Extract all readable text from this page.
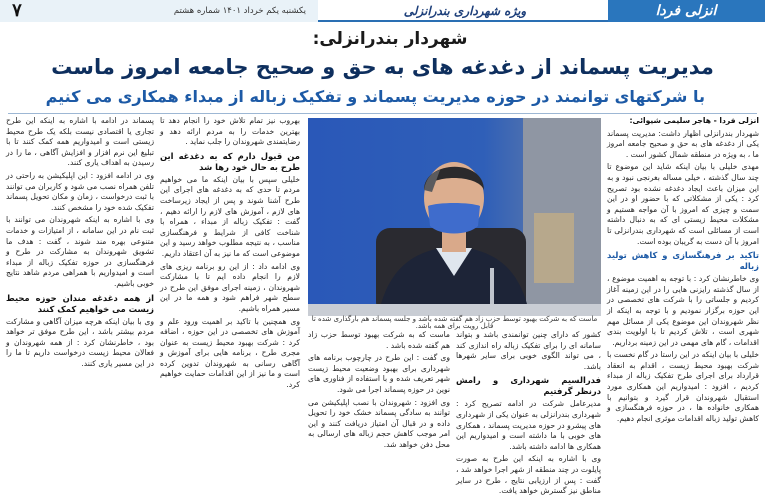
۷	یکشنبه یکم خرداد ۱۴۰۱ شماره هشتم	ویژه شهرداری بندرانزلی	انزلی فردا
شهردار بندرانزلی:
مدیریت پسماند از دغدغه های به حق و صحیح جامعه امروز ماست
با شرکتهای توانمند در حوزه مدیریت پسماند و تفکیک زباله از مبداء همکاری می کنیم

انزلی فردا - هاجر سلیمی شیوائی:

شهردار بندرانزلی اظهار داشت: مدیریت پسماند یکی از دغدغه های به حق و صحیح جامعه امروز ما ، به ویژه در منطقه شمال کشور است .

مهدی خلیلی با بیان اینکه شاید این موضوع تا چند سال گذشته ، خیلی مساله بغرنجی نبود و به این میزان باعث ایجاد دغدغه نشده بود تصریح کرد : یکی از مشکلاتی که با حضور او در این سمت و چیزی که امروز با آن مواجه هستیم و مشکلات محیط زیستی ای که به دنبال داشته است از مسائلی است که شهرداری بندرانزلی تا امروز با آن دست به گریبان بوده است.

تاکید بر فرهنگسازی و کاهش تولید زباله

وی خاطرنشان کرد : با توجه به اهمیت موضوع ، از سال گذشته رایزنی هایی را در این زمینه آغاز کردیم و جلساتی را با شرکت های تخصصی در این حوزه برگزار نمودیم و با توجه به اینکه از نظر شهروندان این موضوع یکی از مسائل مهم شهری است ، تلاش کردیم تا با اولویت بندی اقدامات ، گام های مهمی در این زمینه برداریم.

خلیلی با بیان اینکه در این راستا در گام نخست با شرکت بهبود محیط زیست ، اقدام به انعقاد قرارداد برای اجرای طرح تفکیک زباله از مبداء کردیم ، افزود : امیدواریم این همکاری مورد استقبال شهروندان قرار گیرد و بتوانیم با همکاری خانواده ها ، در حوزه فرهنگسازی و کاهش تولید زباله اقدامات موثری انجام دهیم.

ماست که به شرکت بهبود توسط حزب زاد هم گفته شده باشد و جلسه پسماند هم بارگذاری شده تا قابل رویت برای همه باشد.

کشور که دارای چنین توانمندی باشد و بتواند سامانه ای را برای تفکیک زباله راه اندازی کند ، می تواند الگوی خوبی برای سایر شهرها باشد.

فدرالسیم شهرداری و رامش درنظر گرفتیم

مدیرعامل شرکت در ادامه تصریح کرد : شهرداری بندرانزلی به عنوان یکی از شهرداری های پیشرو در حوزه مدیریت پسماند ، همکاری های خوبی با ما داشته است و امیدواریم این همکاری ها ادامه داشته باشد.

وی با اشاره به اینکه این طرح به صورت پایلوت در چند منطقه از شهر اجرا خواهد شد ، گفت : پس از ارزیابی نتایج ، طرح در سایر مناطق نیز گسترش خواهد یافت.

ماست که به شرکت بهبود توسط حزب زاد هم گفته شده باشد .

وی گفت : این طرح در چارچوب برنامه های شهرداری برای بهبود وضعیت محیط زیست شهر تعریف شده و با استفاده از فناوری های نوین در حوزه پسماند اجرا می شود.

وی افزود : شهروندان با نصب اپلیکیشن می توانند به سادگی پسماند خشک خود را تحویل داده و در قبال آن امتیاز دریافت کنند و این امر موجب کاهش حجم زباله های ارسالی به محل دفن خواهد شد.

بهروب نیز تمام تلاش خود را انجام دهد تا بهترین خدمات را به مردم ارائه دهد و رضایتمندی شهروندان را جلب نماید .

من قبول دارم که به دغدغه این طرح به حال خود رها شد

خلیلی سپس با بیان اینکه ما می خواهیم مردم تا حدی که به دغدغه های اجرای این طرح آشنا شوند و پس از ایجاد زیرساخت های لازم ، آموزش های لازم را ارائه دهیم ، گفت : تفکیک زباله از مبداء ، همراه با شناخت کافی از شرایط و فرهنگسازی مناسب ، به نتیجه مطلوب خواهد رسید و این موضوعی است که ما نیز به آن اعتقاد داریم.

وی ادامه داد : از این رو برنامه ریزی های لازم را انجام داده ایم تا با مشارکت شهروندان ، زمینه اجرای موفق این طرح در سطح شهر فراهم شود و همه ما در این مسیر همراه باشیم.

وی همچنین با تاکید بر اهمیت ورود علم و آموزش های تخصصی در این حوزه ، اضافه کرد : شرکت بهبود محیط زیست به عنوان مجری طرح ، برنامه هایی برای آموزش و آگاهی رسانی به شهروندان تدوین کرده است و ما نیز از این اقدامات حمایت خواهیم کرد.

پسماند در ادامه با اشاره به اینکه این طرح تجاری یا اقتصادی نیست بلکه یک طرح محیط زیستی است و امیدواریم همه کمک کنند تا با تبلیغ این نرم افزار و افزایش آگاهی ، ما را در رسیدن به اهداف یاری کنند.

وی در ادامه افزود : این اپلیکیشن به راحتی در تلفن همراه نصب می شود و کاربران می توانند با ثبت درخواست ، زمان و مکان تحویل پسماند تفکیک شده خود را مشخص کنند.

وی با اشاره به اینکه شهروندان می توانند با ثبت نام در این سامانه ، از امتیازات و خدمات متنوعی بهره مند شوند ، گفت : هدف ما تشویق شهروندان به مشارکت در طرح و فرهنگسازی در حوزه تفکیک زباله از مبداء است و امیدواریم با همراهی مردم شاهد نتایج خوبی باشیم.

از همه دغدغه مندان حوزه محیط زیست می خواهیم کمک کنند

وی با بیان اینکه هرچه میزان آگاهی و مشارکت مردم بیشتر باشد ، این طرح موفق تر خواهد بود ، خاطرنشان کرد : از همه شهروندان و فعالان محیط زیست درخواست داریم تا ما را در این مسیر یاری کنند.
